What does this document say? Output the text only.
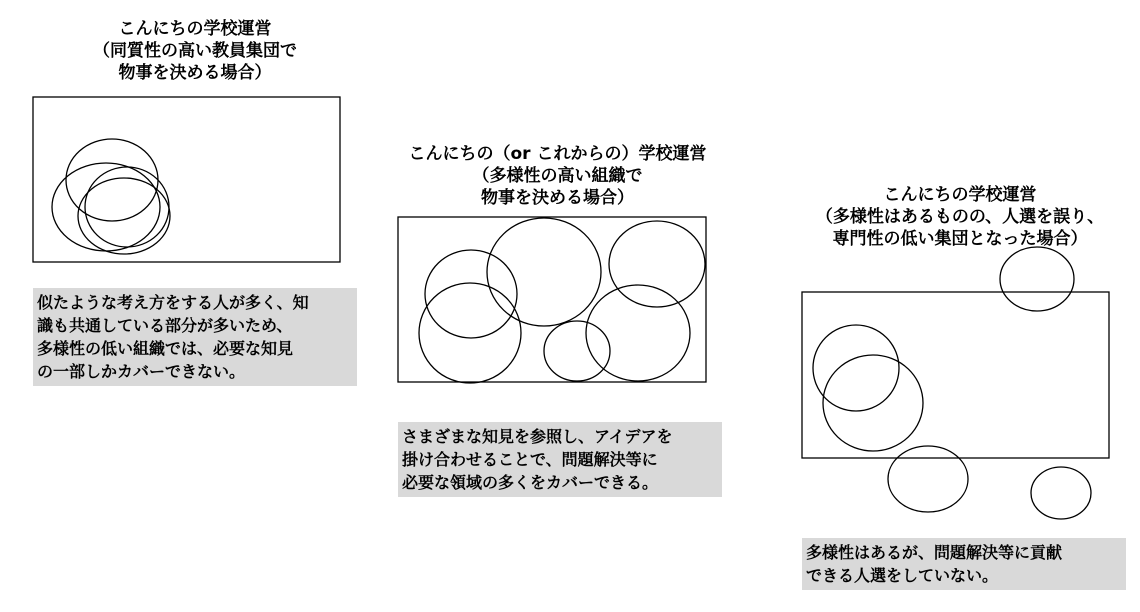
こんにちの学校運営
（同質性の高い教員集団で
物事を決める場合）
こんにちの（or これからの）学校運営
（多様性の高い組織で
物事を決める場合）	こんにちの学校運営
（多様性はあるものの、人選を誤り、
専門性の低い集団となった場合）
似たような考え方をする人が多く、知
識も共通している部分が多いため、
多様性の低い組織では、必要な知見
の一部しかカバーできない。
さまざまな知見を参照し、アイデアを
掛け合わせることで、問題解決等に
必要な領域の多くをカバーできる。
多様性はあるが、問題解決等に貢献
できる人選をしていない。
